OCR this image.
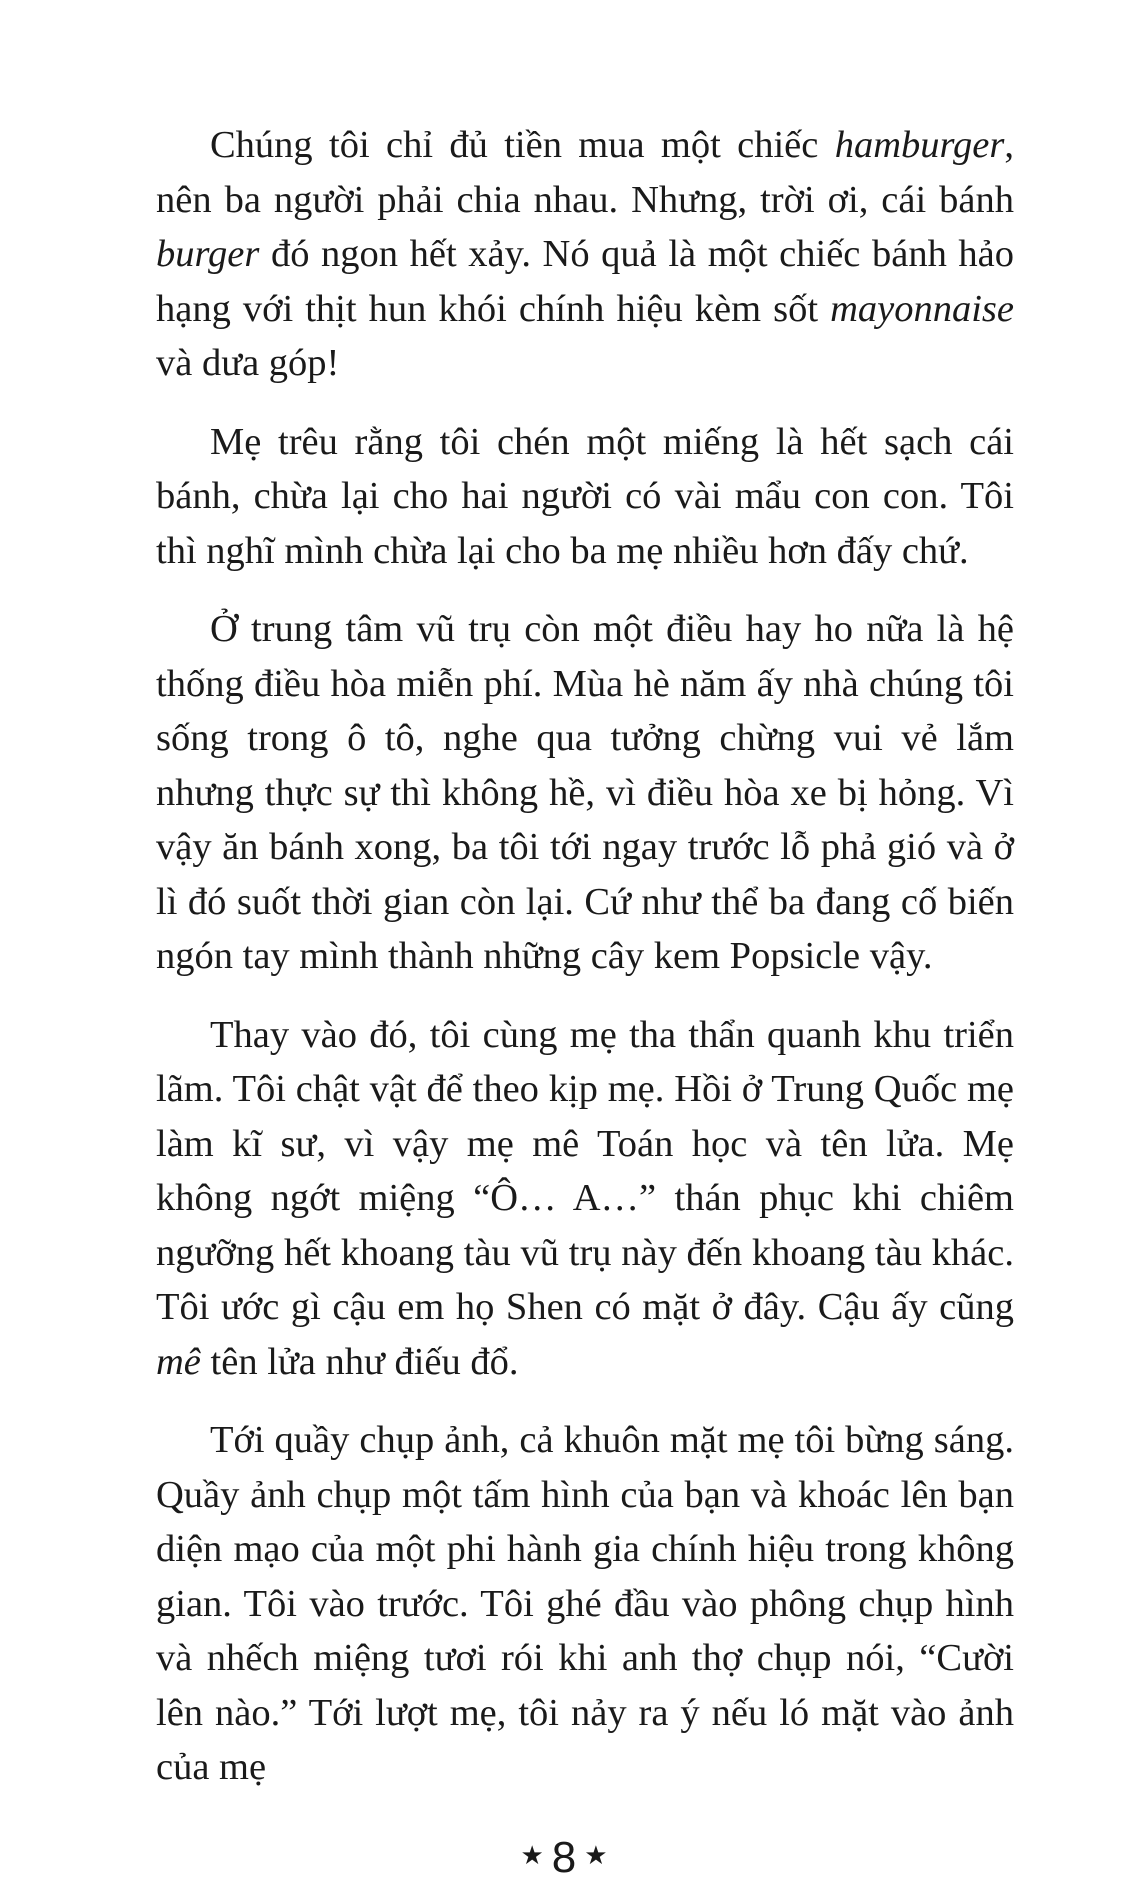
Chúng tôi chỉ đủ tiền mua một chiếc hamburger, nên ba người phải chia nhau. Nhưng, trời ơi, cái bánh burger đó ngon hết xảy. Nó quả là một chiếc bánh hảo hạng với thịt hun khói chính hiệu kèm sốt mayonnaise và dưa góp!

Mẹ trêu rằng tôi chén một miếng là hết sạch cái bánh, chừa lại cho hai người có vài mẩu con con. Tôi thì nghĩ mình chừa lại cho ba mẹ nhiều hơn đấy chứ.

Ở trung tâm vũ trụ còn một điều hay ho nữa là hệ thống điều hòa miễn phí. Mùa hè năm ấy nhà chúng tôi sống trong ô tô, nghe qua tưởng chừng vui vẻ lắm nhưng thực sự thì không hề, vì điều hòa xe bị hỏng. Vì vậy ăn bánh xong, ba tôi tới ngay trước lỗ phả gió và ở lì đó suốt thời gian còn lại. Cứ như thể ba đang cố biến ngón tay mình thành những cây kem Popsicle vậy.

Thay vào đó, tôi cùng mẹ tha thẩn quanh khu triển lãm. Tôi chật vật để theo kịp mẹ. Hồi ở Trung Quốc mẹ làm kĩ sư, vì vậy mẹ mê Toán học và tên lửa. Mẹ không ngớt miệng “Ô… A…” thán phục khi chiêm ngưỡng hết khoang tàu vũ trụ này đến khoang tàu khác. Tôi ước gì cậu em họ Shen có mặt ở đây. Cậu ấy cũng mê tên lửa như điếu đổ.

Tới quầy chụp ảnh, cả khuôn mặt mẹ tôi bừng sáng. Quầy ảnh chụp một tấm hình của bạn và khoác lên bạn diện mạo của một phi hành gia chính hiệu trong không gian. Tôi vào trước. Tôi ghé đầu vào phông chụp hình và nhếch miệng tươi rói khi anh thợ chụp nói, “Cười lên nào.” Tới lượt mẹ, tôi nảy ra ý nếu ló mặt vào ảnh của mẹ

★ 8 ★
